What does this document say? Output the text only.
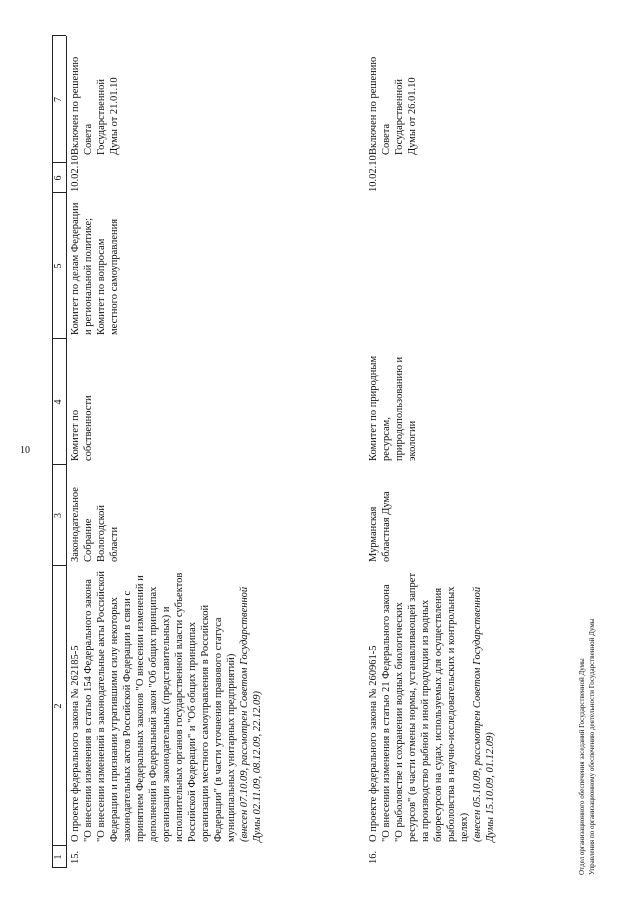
10
1
2
3
4
5
6
7
15.

О проекте федерального закона № 262185-5 "О внесении изменения в статью 154 Федерального закона "О внесении изменений в законодательные акты Российской Федерации и признании утратившими силу некоторых законодательных актов Российской Федерации в связи с принятием Федеральных законов "О внесении изменений и дополнений в Федеральный закон "Об общих принципах организации законодательных (представительных) и исполнительных органов государственной власти субъектов Российской Федерации" и "Об общих принципах организации местного самоуправления в Российской Федерации" (в части уточнения правового статуса муниципальных унитарных предприятий) (внесен 07.10.09, рассмотрен Советом Государственной Думы 02.11.09, 08.12.09, 22.12.09)

Законодательное Собрание Вологодской области
Комитет по собственности
Комитет по делам Федерации и региональной политике; Комитет по вопросам местного самоуправления
10.02.10
Включен по решению Совета Государственной Думы от 21.01.10
16.

О проекте федерального закона № 260961-5 "О внесении изменения в статью 21 Федерального закона "О рыболовстве и сохранении водных биологических ресурсов" (в части отмены нормы, устанавливающей запрет на производство рыбной и иной продукции из водных биоресурсов на судах, используемых для осуществления рыболовства в научно-исследовательских и контрольных целях) (внесен 05.10.09, рассмотрен Советом Государственной Думы 15.10.09, 01.12.09)

Мурманская областная Дума
Комитет по природным ресурсам, природопользованию и экологии
10.02.10
Включен по решению Совета Государственной Думы от 26.01.10
Отдел организационного обеспечения заседаний Государственной Думы Управления по организационному обеспечению деятельности Государственной Думы
